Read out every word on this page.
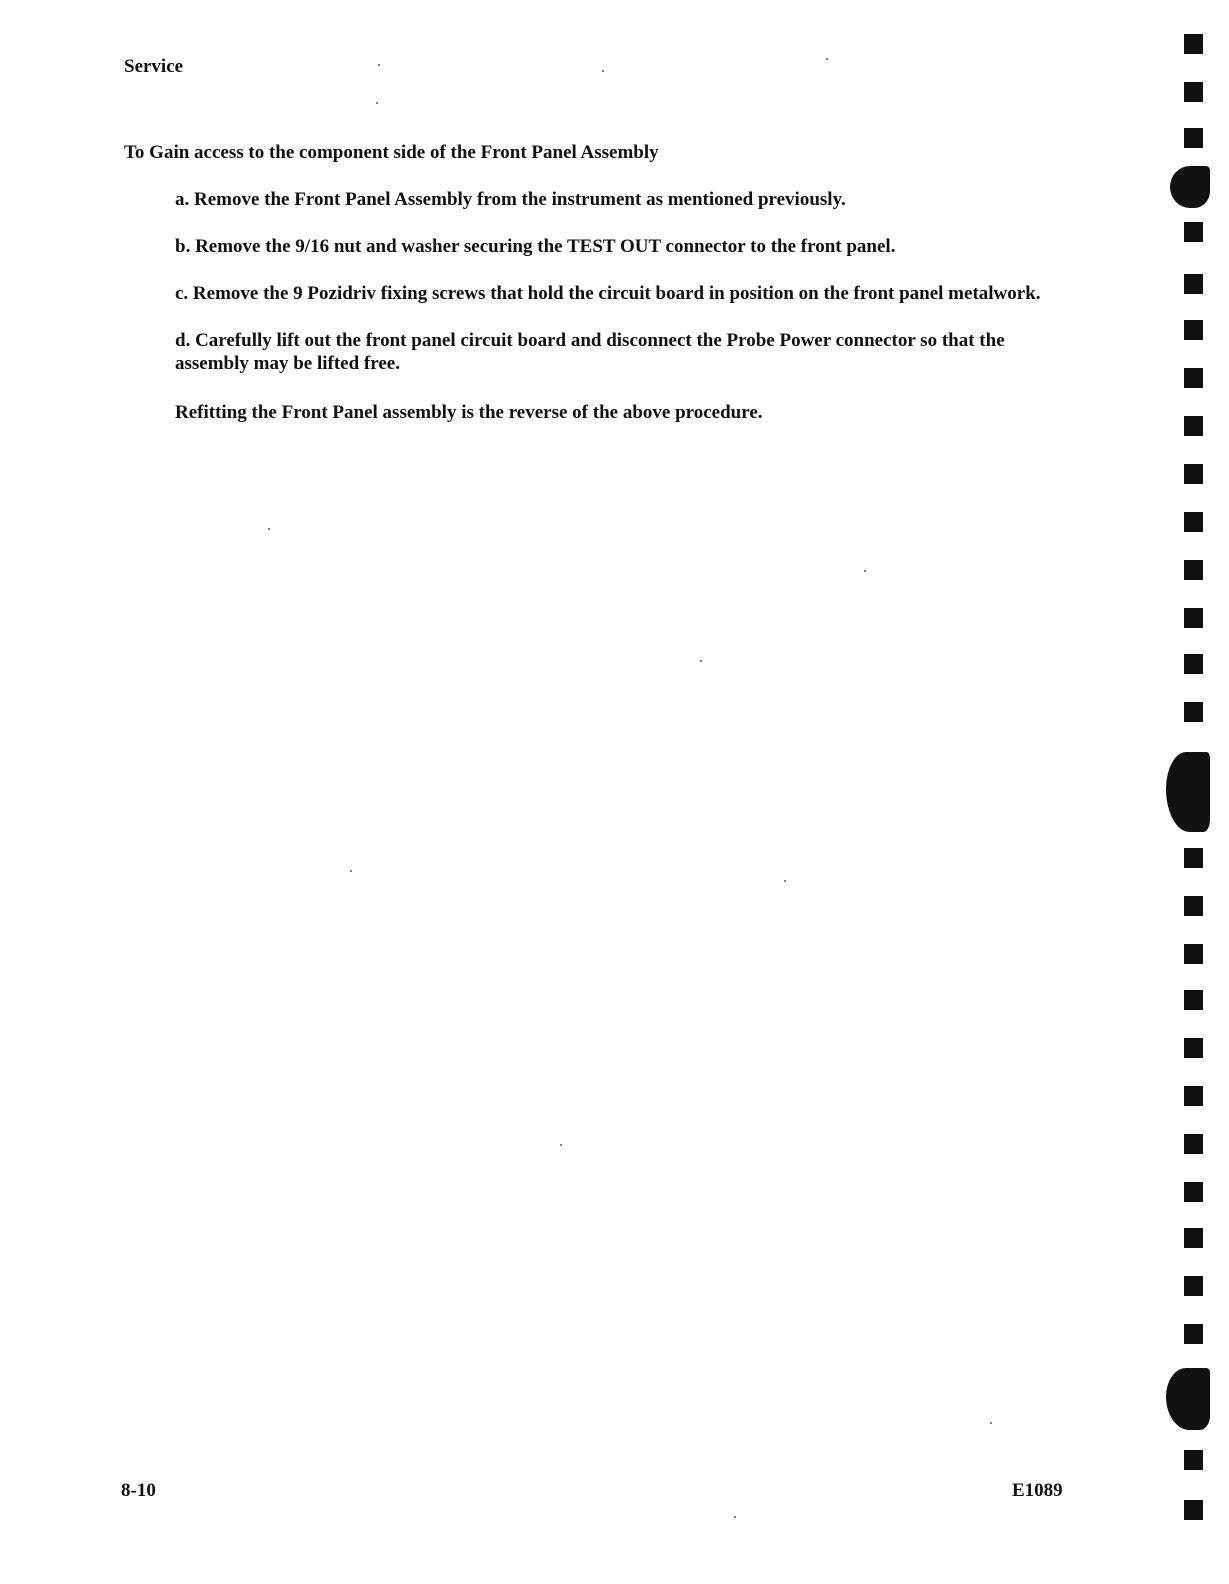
Service
To Gain access to the component side of the Front Panel Assembly

a. Remove the Front Panel Assembly from the instrument as mentioned previously.

b. Remove the 9/16 nut and washer securing the TEST OUT connector to the front panel.

c. Remove the 9 Pozidriv fixing screws that hold the circuit board in position on the front panel metalwork.

d. Carefully lift out the front panel circuit board and disconnect the Probe Power connector so that the assembly may be lifted free.

Refitting the Front Panel assembly is the reverse of the above procedure.

8-10	E1089
